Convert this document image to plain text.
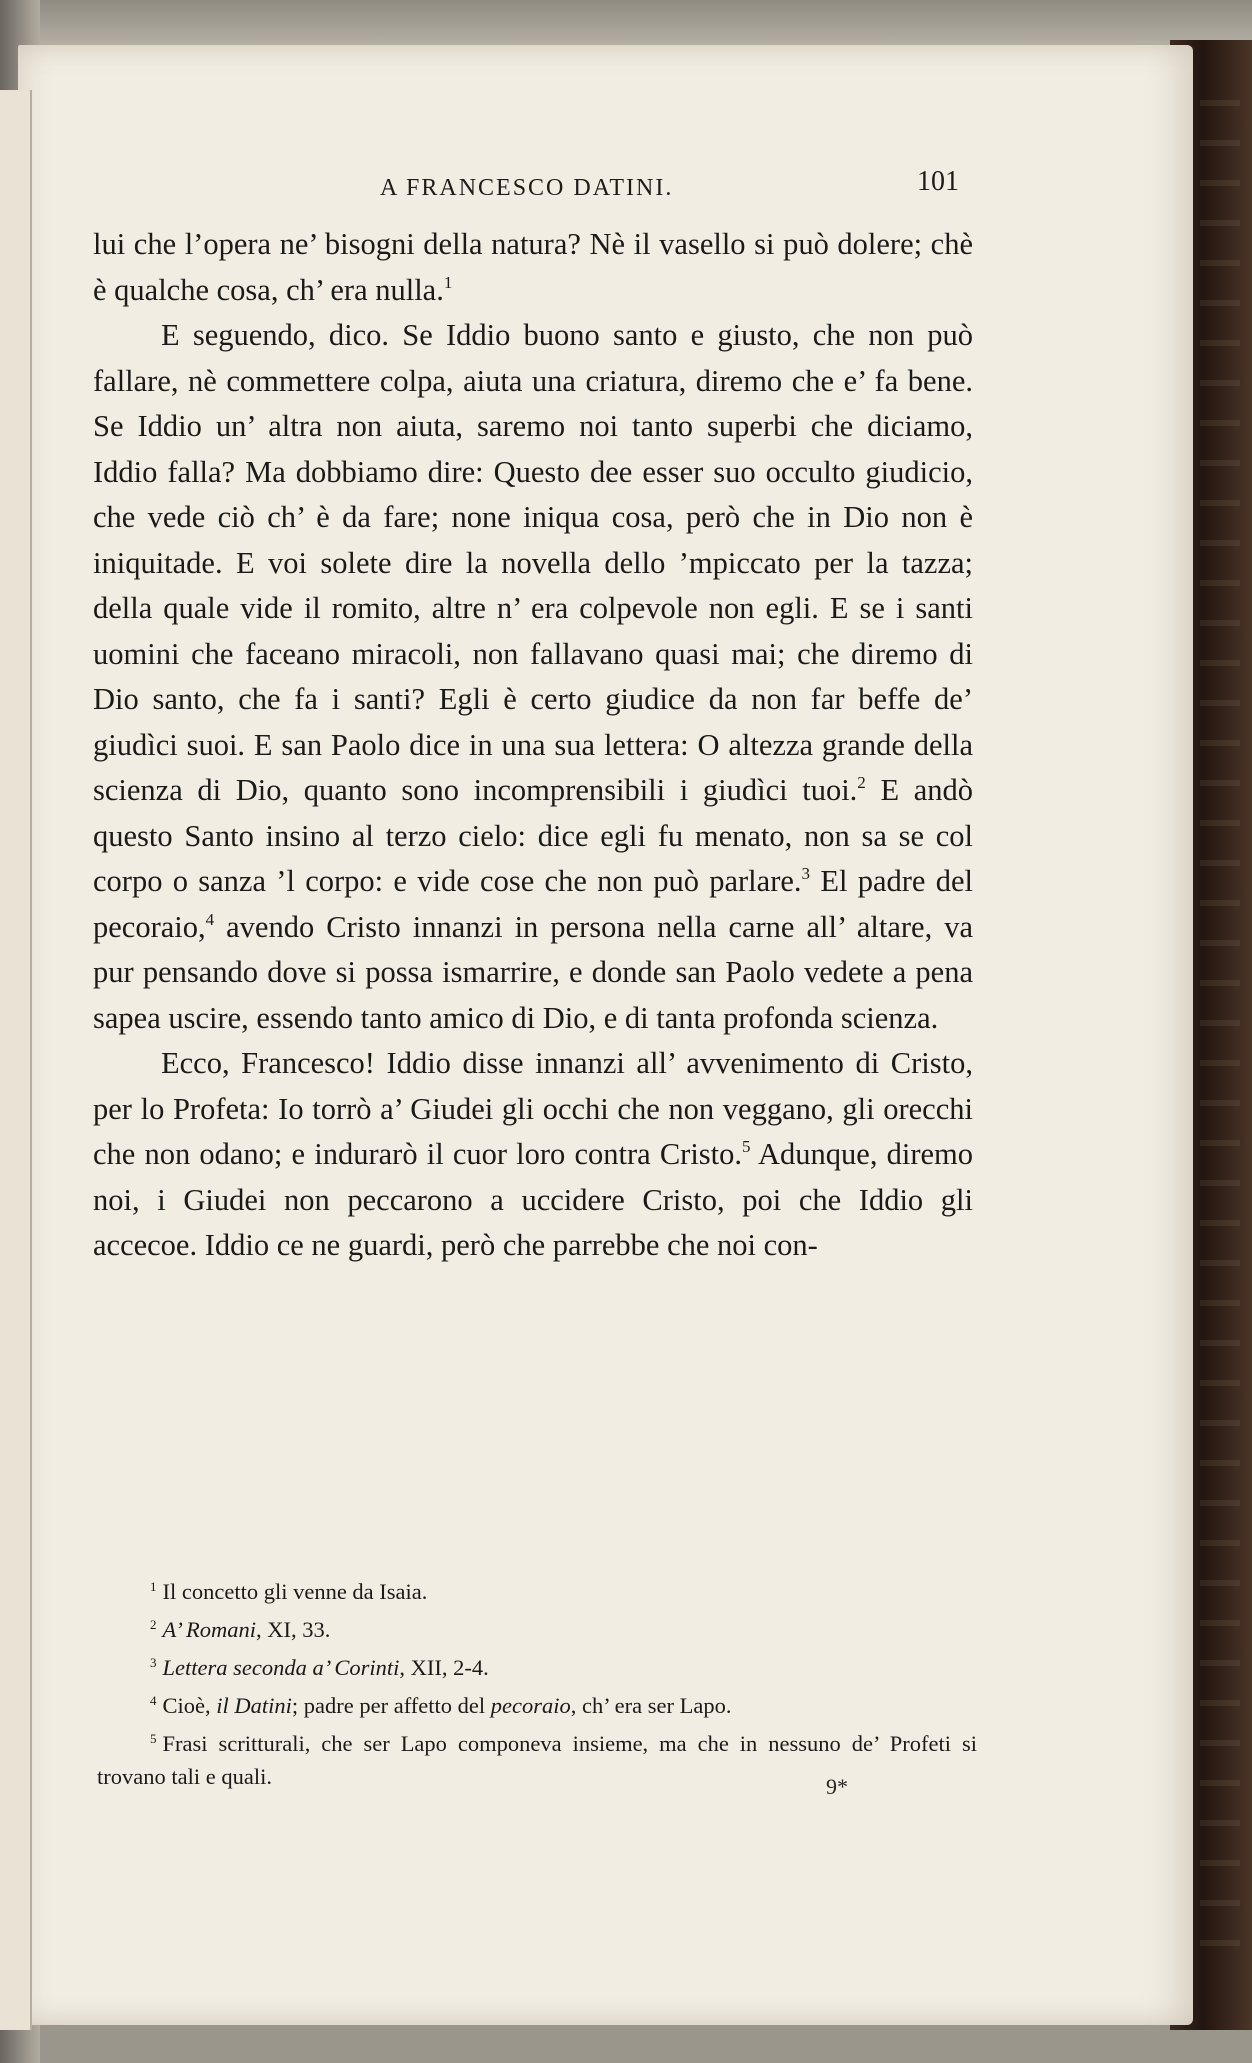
A FRANCESCO DATINI.	101

lui che l’opera ne’ bisogni della natura? Nè il vasello si può dolere; chè è qualche cosa, ch’ era nulla.$^1$

E seguendo, dico. Se Iddio buono santo e giusto, che non può fallare, nè commettere colpa, aiuta una criatura, diremo che e’ fa bene. Se Iddio un’ altra non aiuta, saremo noi tanto superbi che diciamo, Iddio falla? Ma dobbiamo dire: Questo dee esser suo occulto giudicio, che vede ciò ch’ è da fare; none iniqua cosa, però che in Dio non è iniquitade. E voi solete dire la novella dello ’mpiccato per la tazza; della quale vide il romito, altre n’ era colpevole non egli. E se i santi uomini che faceano miracoli, non fallavano quasi mai; che diremo di Dio santo, che fa i santi? Egli è certo giudice da non far beffe de’ giudìci suoi. E san Paolo dice in una sua lettera: O altezza grande della scienza di Dio, quanto sono incomprensibili i giudìci tuoi.$^2$ E andò questo Santo insino al terzo cielo: dice egli fu menato, non sa se col corpo o sanza ’l corpo: e vide cose che non può parlare.$^3$ El padre del pecoraio,$^4$ avendo Cristo innanzi in persona nella carne all’ altare, va pur pensando dove si possa ismarrire, e donde san Paolo vedete a pena sapea uscire, essendo tanto amico di Dio, e di tanta profonda scienza.

Ecco, Francesco! Iddio disse innanzi all’ avvenimento di Cristo, per lo Profeta: Io torrò a’ Giudei gli occhi che non veggano, gli orecchi che non odano; e indurarò il cuor loro contra Cristo.$^5$ Adunque, diremo noi, i Giudei non peccarono a uccidere Cristo, poi che Iddio gli accecoe. Iddio ce ne guardi, però che parrebbe che noi con-

$^1$ Il concetto gli venne da Isaia.
$^2$ A’ Romani, XI, 33.
$^3$ Lettera seconda a’ Corinti, XII, 2-4.
$^4$ Cioè, il Datini; padre per affetto del pecoraio, ch’ era ser Lapo.
$^5$ Frasi scritturali, che ser Lapo componeva insieme, ma che in nessuno de’ Profeti si trovano tali e quali.	9*
